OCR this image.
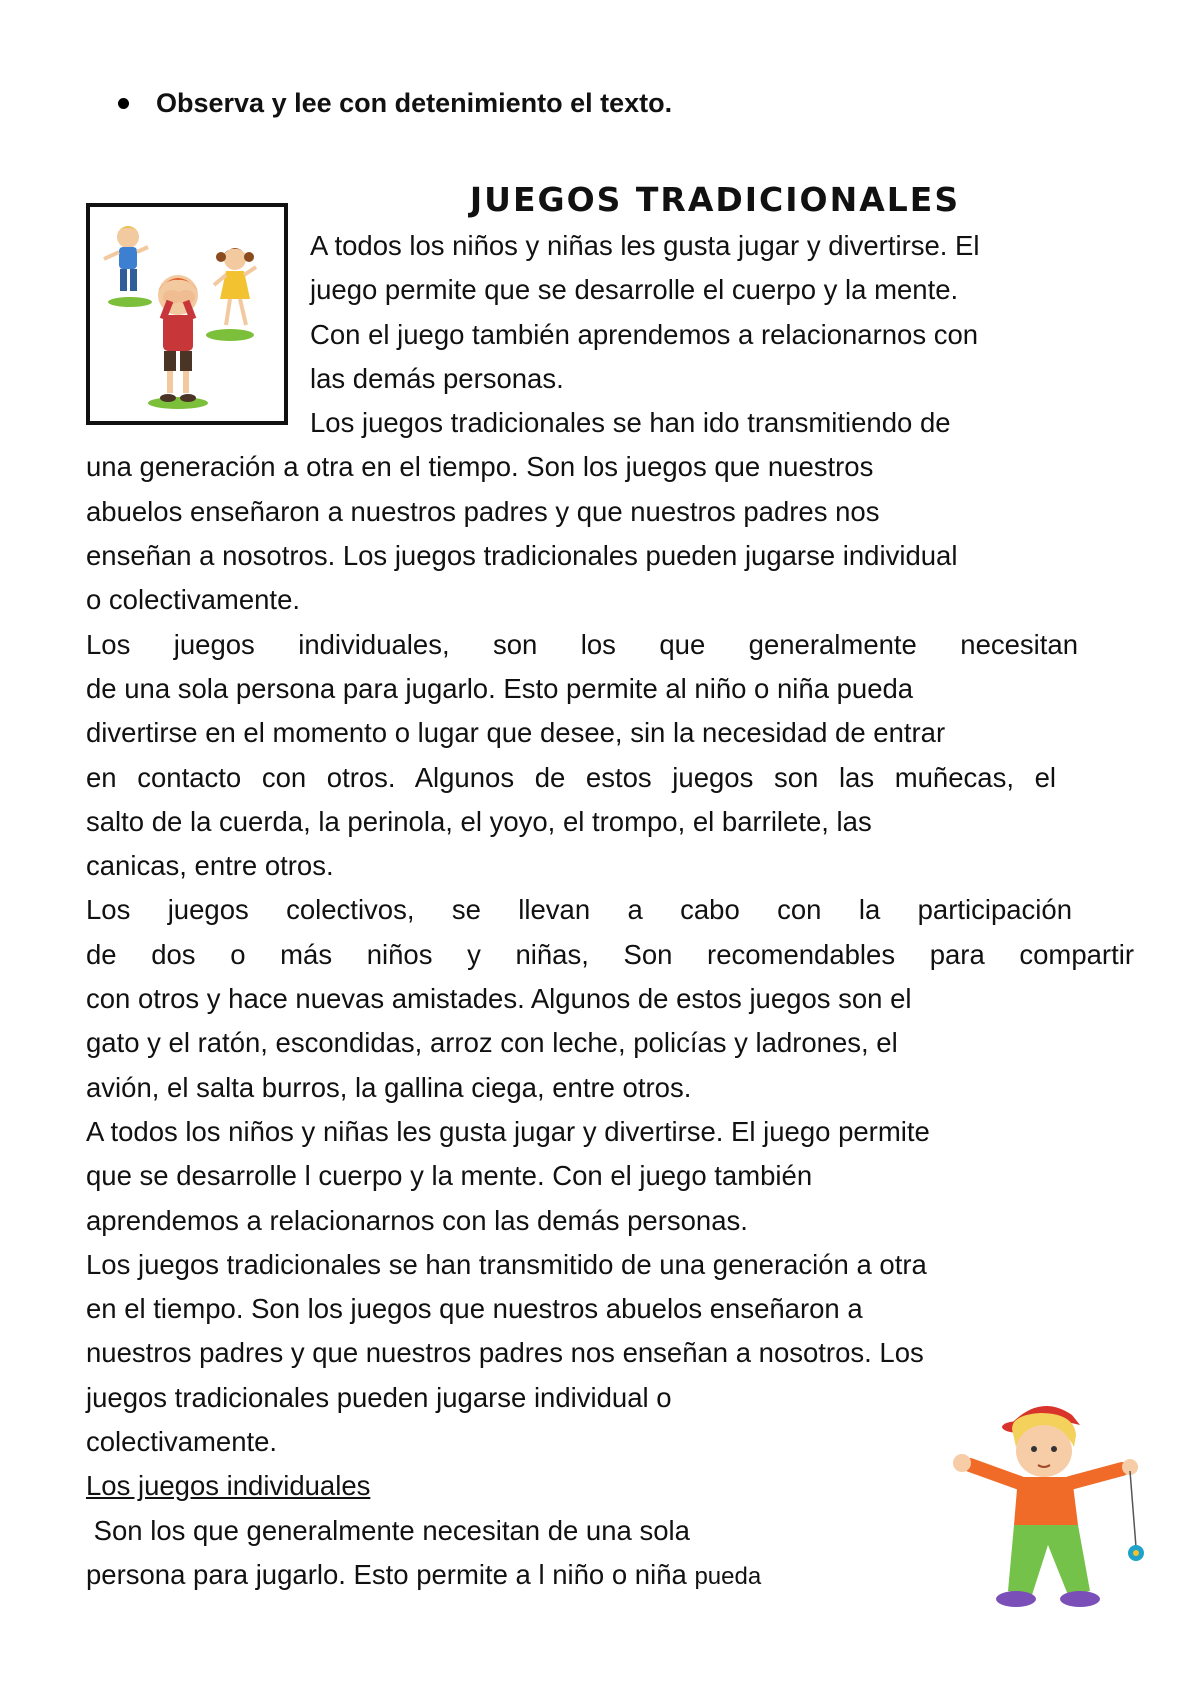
Observa y lee con detenimiento el texto.
JUEGOS TRADICIONALES
A todos los niños y niñas les gusta jugar y divertirse. El
juego permite que se desarrolle el cuerpo y la mente.
Con el juego también aprendemos a relacionarnos con
las demás personas.
Los juegos tradicionales se han ido transmitiendo de
una generación a otra en el tiempo. Son los juegos que nuestros
abuelos enseñaron a nuestros padres y que nuestros padres nos
enseñan a nosotros. Los juegos tradicionales pueden jugarse individual
o colectivamente.
Los juegos individuales, son los que generalmente necesitan
de una sola persona para jugarlo. Esto permite al niño o niña pueda
divertirse en el momento o lugar que desee, sin la necesidad de entrar
en contacto con otros. Algunos de estos juegos son las muñecas, el
salto de la cuerda, la perinola, el yoyo, el trompo, el barrilete, las
canicas, entre otros.
Los juegos colectivos, se llevan a cabo con la participación
de dos o más niños y niñas, Son recomendables para compartir
con otros y hace nuevas amistades. Algunos de estos juegos son el
gato y el ratón, escondidas, arroz con leche, policías y ladrones, el
avión, el salta burros, la gallina ciega, entre otros.
A todos los niños y niñas les gusta jugar y divertirse. El juego permite
que se desarrolle l cuerpo y la mente. Con el juego también
aprendemos a relacionarnos con las demás personas.
Los juegos tradicionales se han transmitido de una generación a otra
en el tiempo. Son los juegos que nuestros abuelos enseñaron a
nuestros padres y que nuestros padres nos enseñan a nosotros. Los
juegos tradicionales pueden jugarse individual o
colectivamente.
Los juegos individuales
Son los que generalmente necesitan de una sola
persona para jugarlo. Esto permite a l niño o niña pueda
